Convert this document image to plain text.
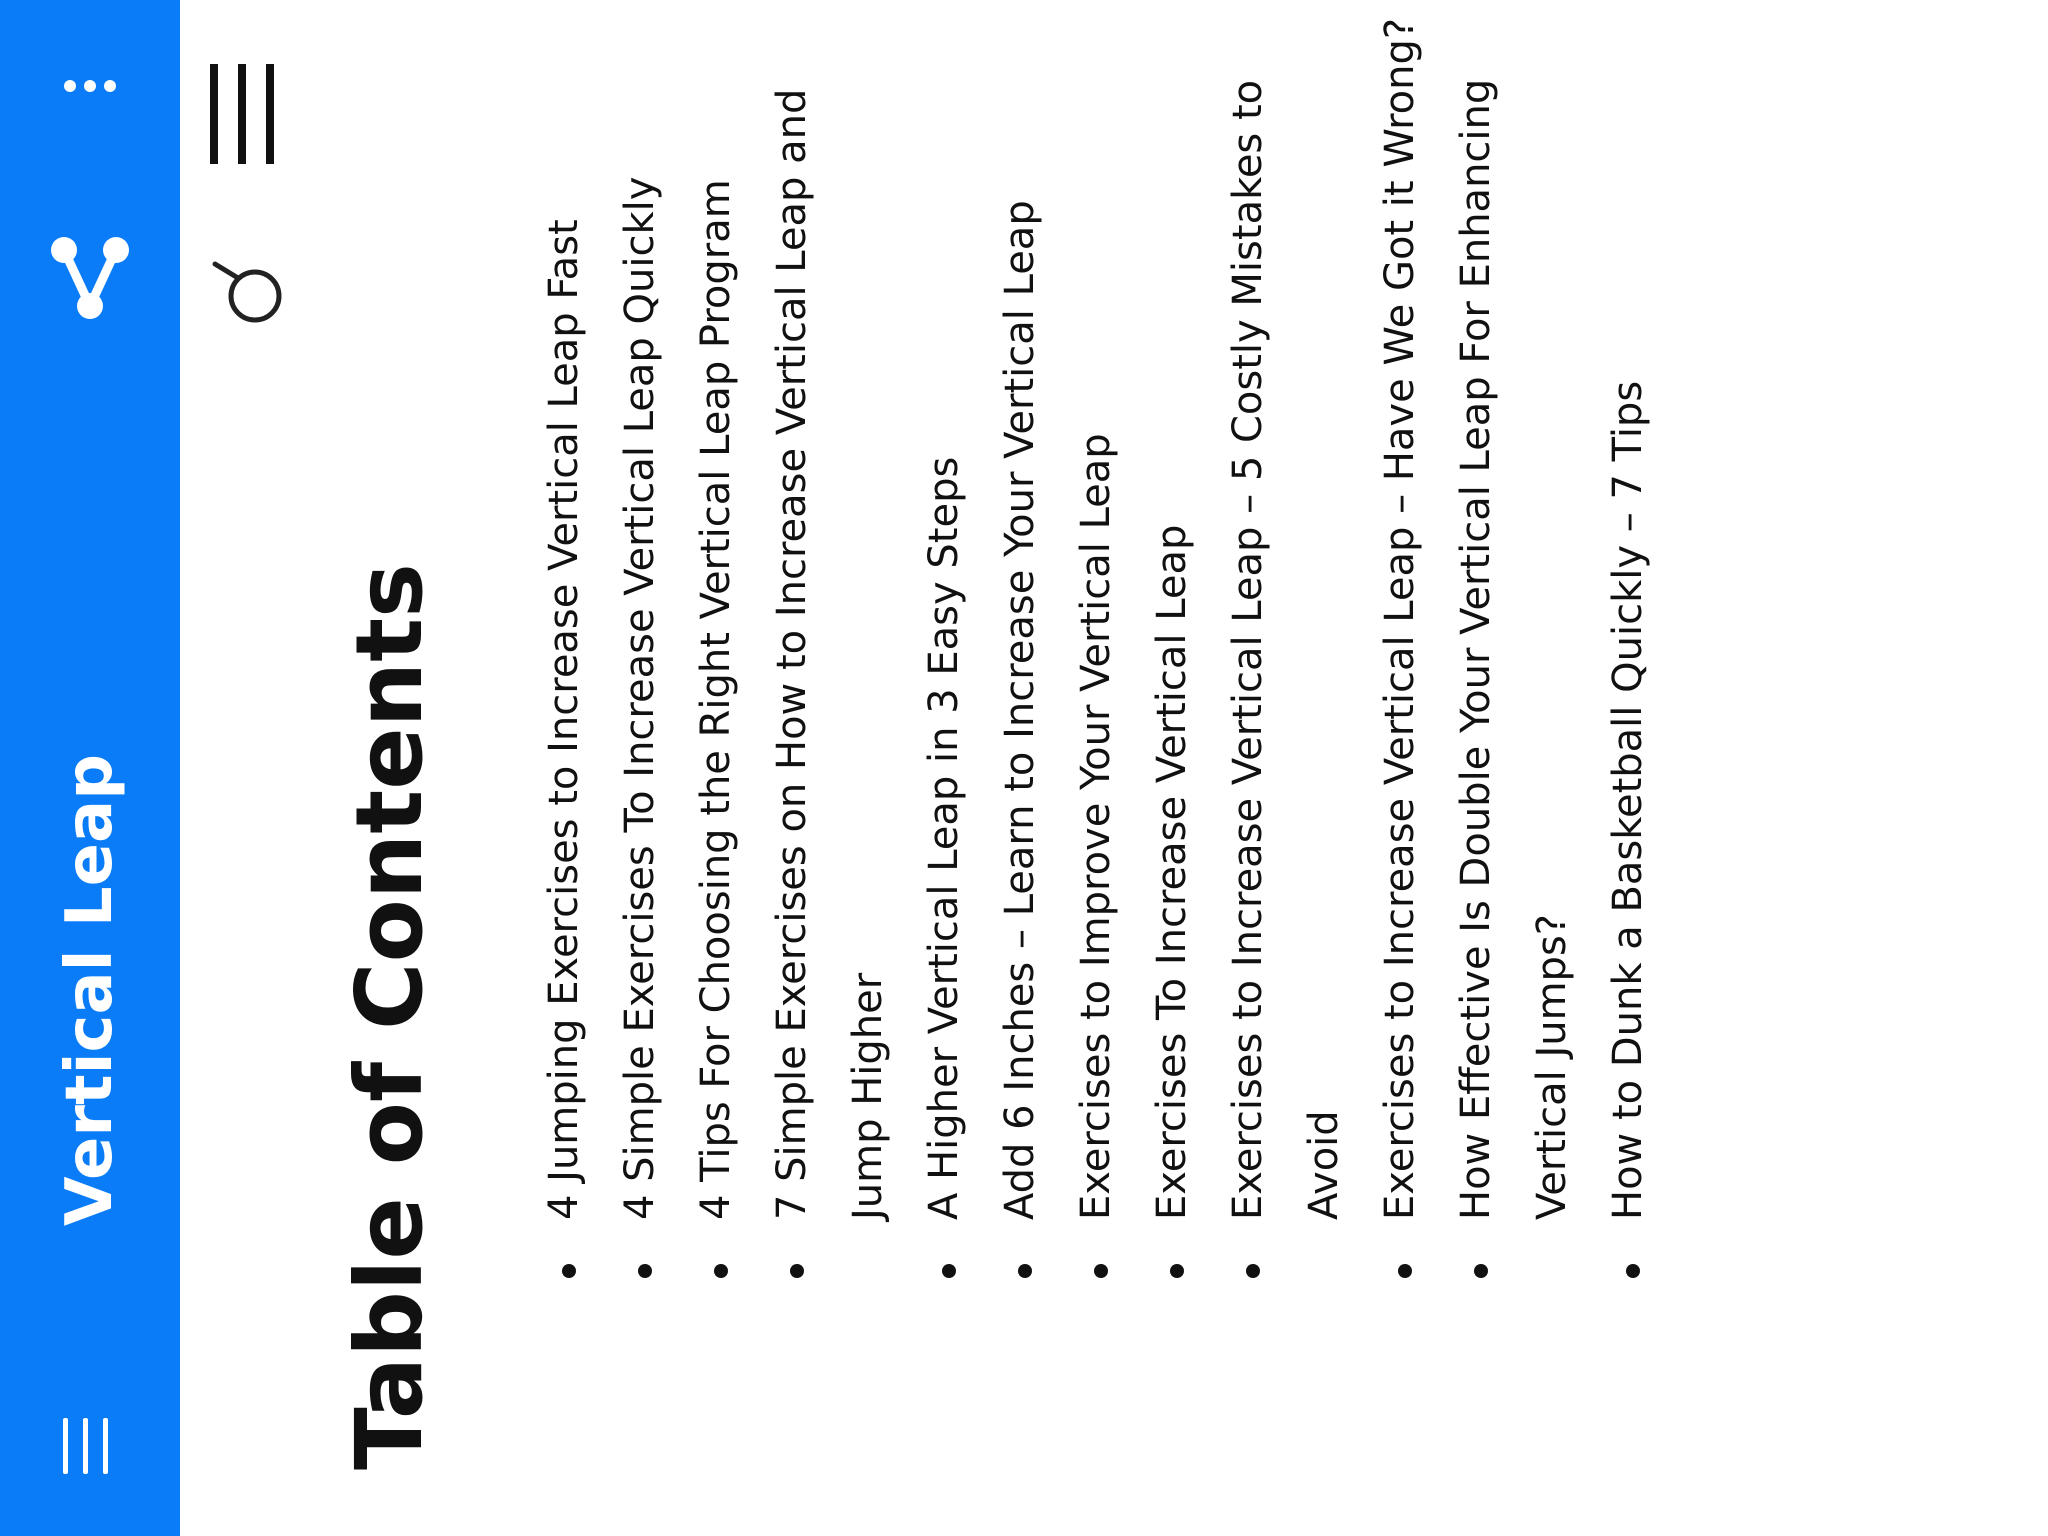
Vertical Leap Table of Contents	4 Jumping Exercises to Increase Vertical Leap Fast 4 Simple Exercises To Increase Vertical Leap Quickly 4 Tips For Choosing the Right Vertical Leap Program 7 Simple Exercises on How to Increase Vertical Leap and Jump Higher A Higher Vertical Leap in 3 Easy Steps Add 6 Inches – Learn to Increase Your Vertical Leap Exercises to Improve Your Vertical Leap Exercises To Increase Vertical Leap Exercises to Increase Vertical Leap – 5 Costly Mistakes to Avoid Exercises to Increase Vertical Leap – Have We Got it Wrong? How Effective Is Double Your Vertical Leap For Enhancing Vertical Jumps? How to Dunk a Basketball Quickly – 7 Tips
